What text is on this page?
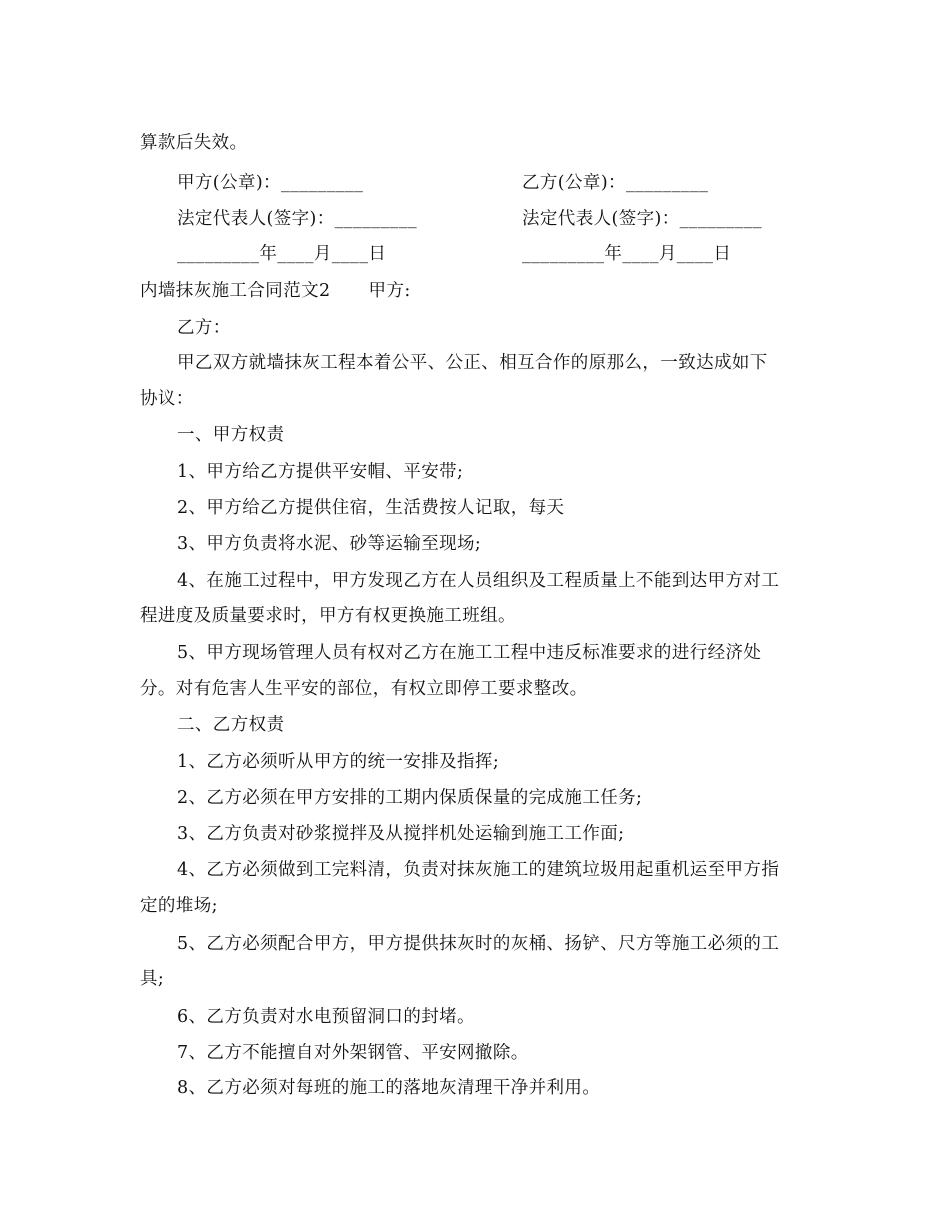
算款后失效。
甲方(公章)：_________	乙方(公章)：_________
法定代表人(签字)：_________	法定代表人(签字)：_________
_________年____月____日	_________年____月____日
内墙抹灰施工合同范文2 甲方:
乙方：
甲乙双方就墙抹灰工程本着公平、公正、相互合作的原那么，一致达成如下
协议：
一、甲方权责
1、甲方给乙方提供平安帽、平安带;
2、甲方给乙方提供住宿，生活费按人记取，每天
3、甲方负责将水泥、砂等运输至现场;
4、在施工过程中，甲方发现乙方在人员组织及工程质量上不能到达甲方对工
程进度及质量要求时，甲方有权更换施工班组。
5、甲方现场管理人员有权对乙方在施工工程中违反标准要求的进行经济处
分。对有危害人生平安的部位，有权立即停工要求整改。
二、乙方权责
1、乙方必须听从甲方的统一安排及指挥;
2、乙方必须在甲方安排的工期内保质保量的完成施工任务;
3、乙方负责对砂浆搅拌及从搅拌机处运输到施工工作面;
4、乙方必须做到工完料清，负责对抹灰施工的建筑垃圾用起重机运至甲方指
定的堆场;
5、乙方必须配合甲方，甲方提供抹灰时的灰桶、扬铲、尺方等施工必须的工
具;
6、乙方负责对水电预留洞口的封堵。
7、乙方不能擅自对外架钢管、平安网撤除。
8、乙方必须对每班的施工的落地灰清理干净并利用。
